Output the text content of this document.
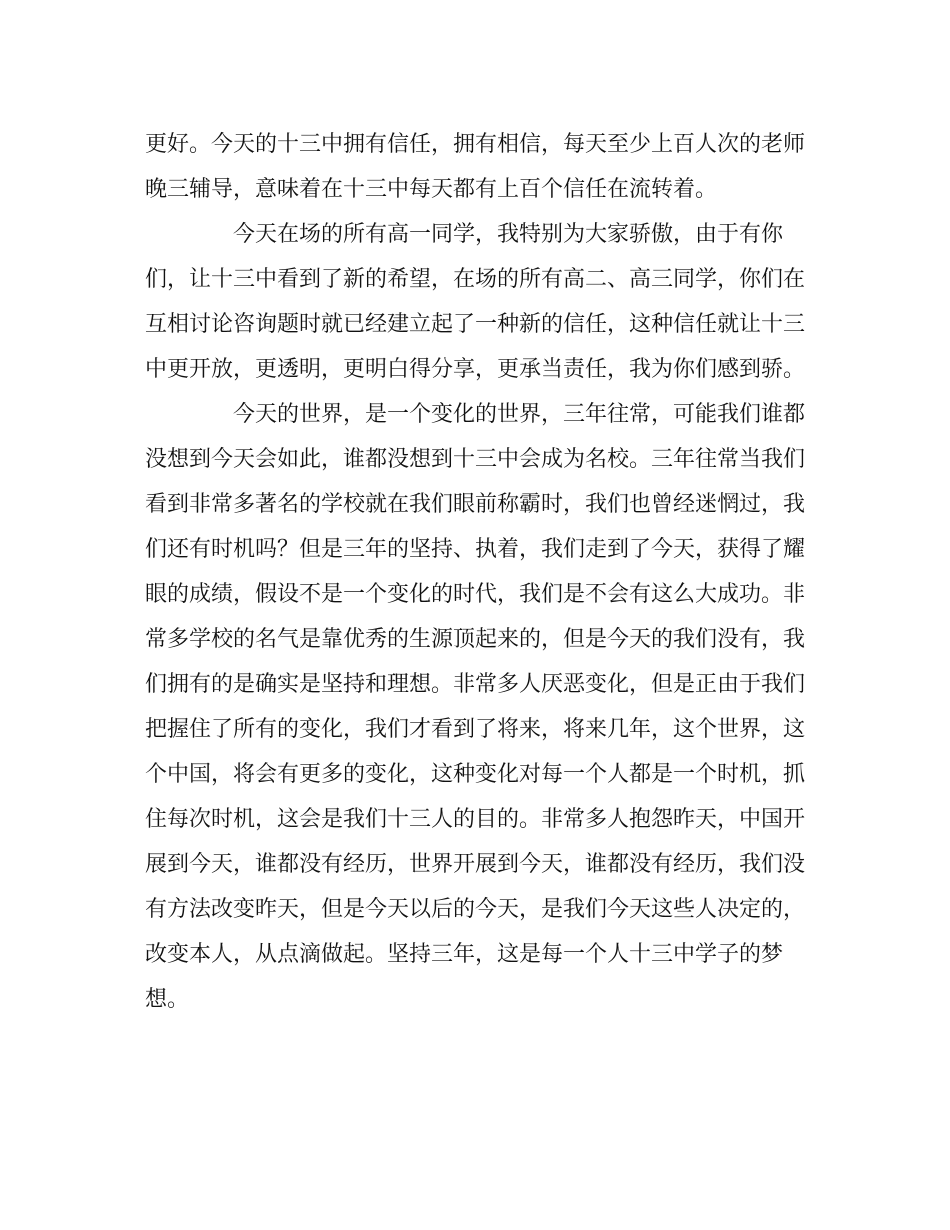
更好。今天的十三中拥有信任，拥有相信，每天至少上百人次的老师
晚三辅导，意味着在十三中每天都有上百个信任在流转着。
今天在场的所有高一同学，我特别为大家骄傲，由于有你
们，让十三中看到了新的希望，在场的所有高二、高三同学，你们在
互相讨论咨询题时就已经建立起了一种新的信任，这种信任就让十三
中更开放，更透明，更明白得分享，更承当责任，我为你们感到骄。
今天的世界，是一个变化的世界，三年往常，可能我们谁都
没想到今天会如此，谁都没想到十三中会成为名校。三年往常当我们
看到非常多著名的学校就在我们眼前称霸时，我们也曾经迷惘过，我
们还有时机吗？但是三年的坚持、执着，我们走到了今天，获得了耀
眼的成绩，假设不是一个变化的时代，我们是不会有这么大成功。非
常多学校的名气是靠优秀的生源顶起来的，但是今天的我们没有，我
们拥有的是确实是坚持和理想。非常多人厌恶变化，但是正由于我们
把握住了所有的变化，我们才看到了将来，将来几年，这个世界，这
个中国，将会有更多的变化，这种变化对每一个人都是一个时机，抓
住每次时机，这会是我们十三人的目的。非常多人抱怨昨天，中国开
展到今天，谁都没有经历，世界开展到今天，谁都没有经历，我们没
有方法改变昨天，但是今天以后的今天，是我们今天这些人决定的，
改变本人，从点滴做起。坚持三年，这是每一个人十三中学子的梦
想。
